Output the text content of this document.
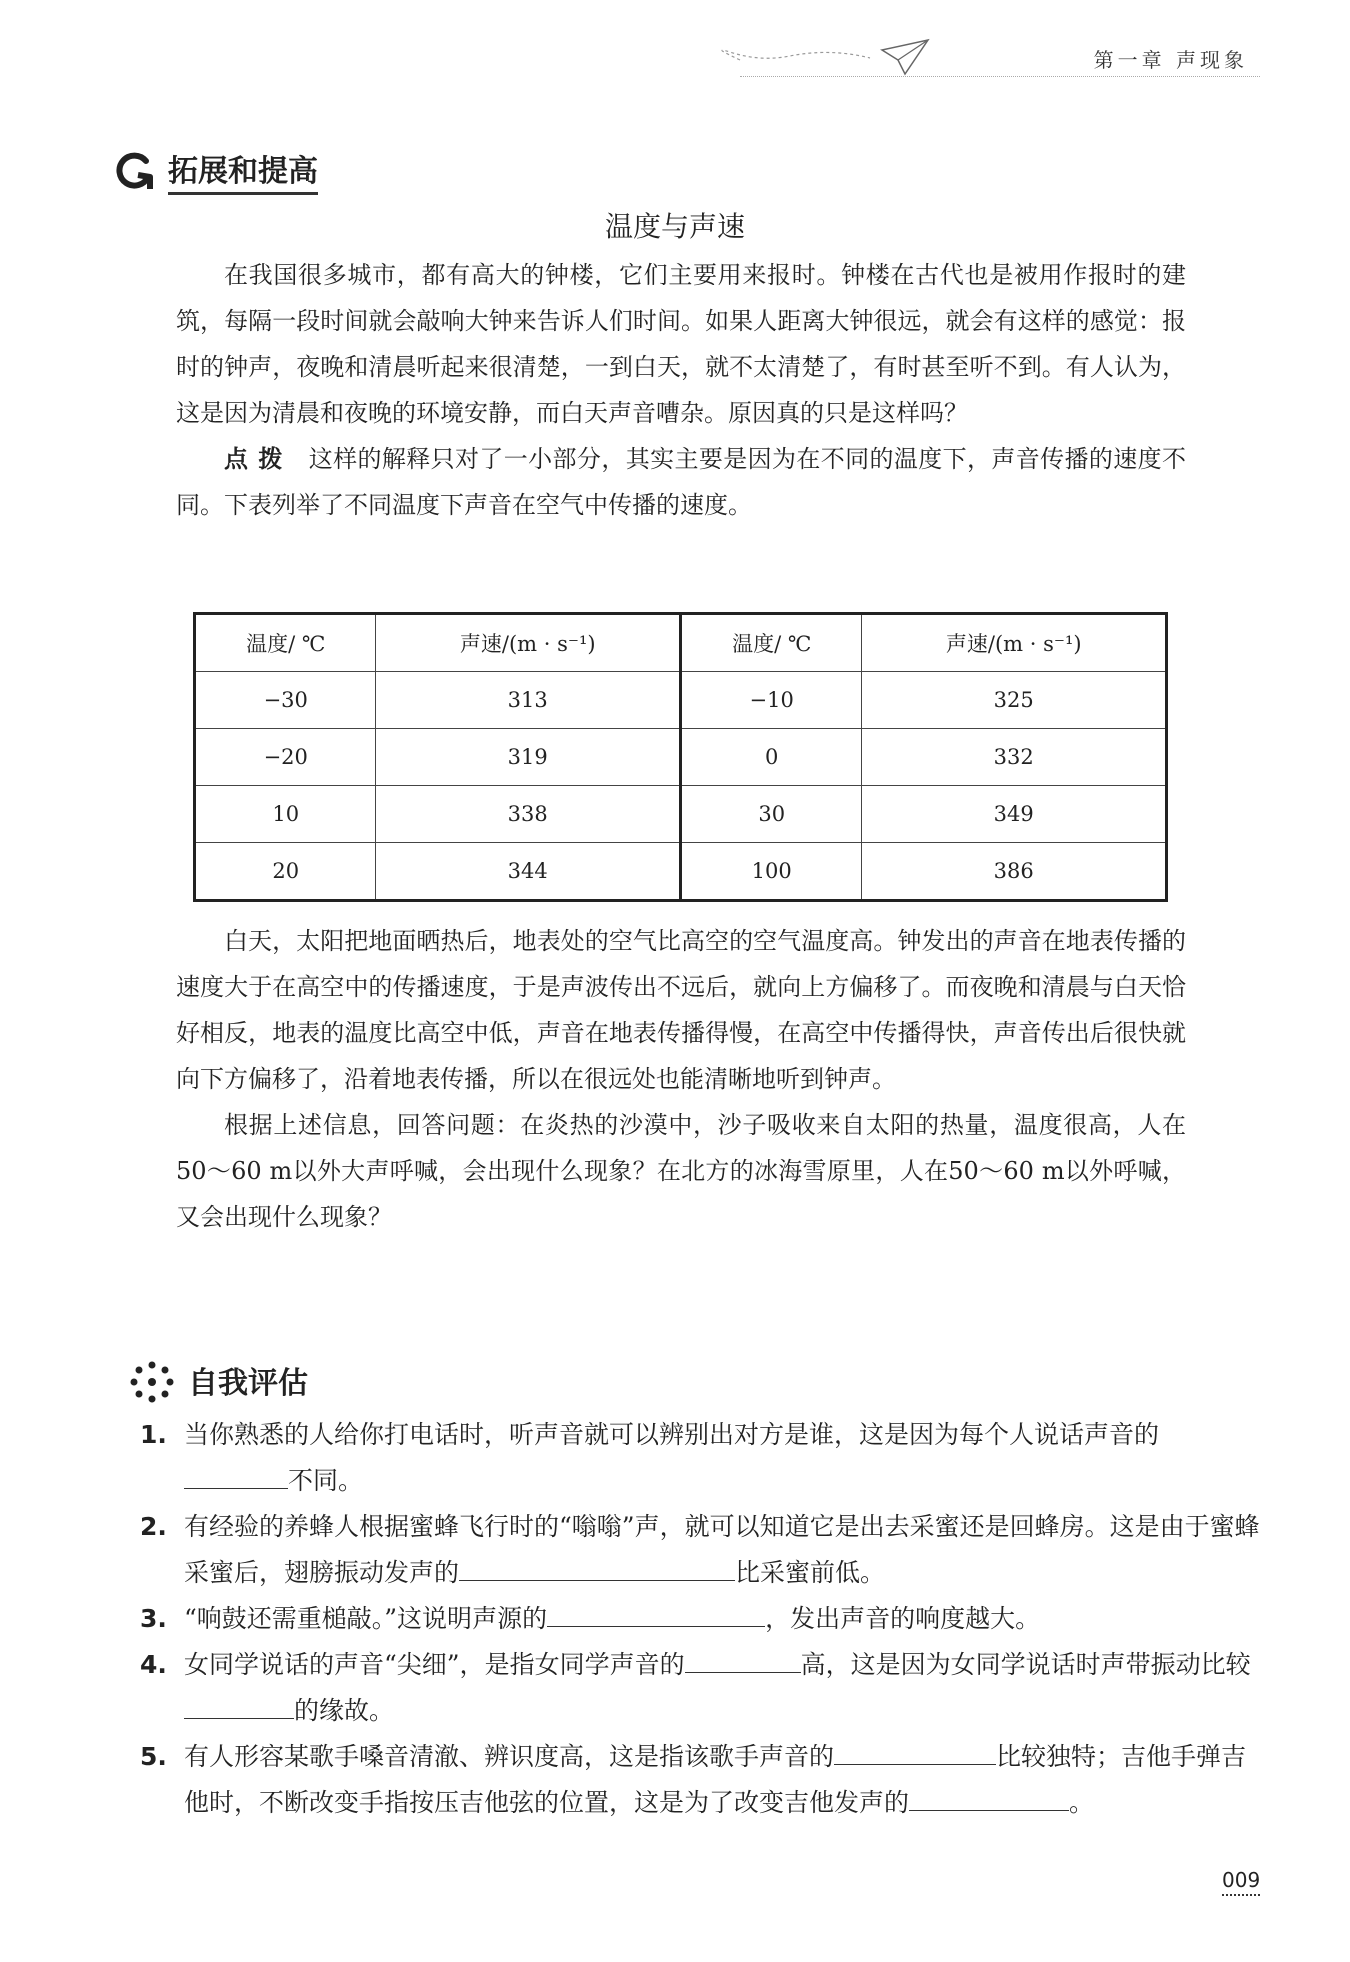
第一章 声现象
拓展和提高
温度与声速

在我国很多城市，都有高大的钟楼，它们主要用来报时。钟楼在古代也是被用作报时的建筑，每隔一段时间就会敲响大钟来告诉人们时间。如果人距离大钟很远，就会有这样的感觉：报时的钟声，夜晚和清晨听起来很清楚，一到白天，就不太清楚了，有时甚至听不到。有人认为，这是因为清晨和夜晚的环境安静，而白天声音嘈杂。原因真的只是这样吗？

点拨 这样的解释只对了一小部分，其实主要是因为在不同的温度下，声音传播的速度不同。下表列举了不同温度下声音在空气中传播的速度。

温度/ ℃	声速/(m · s⁻¹)	温度/ ℃	声速/(m · s⁻¹)
−30	313	−10	325
−20	319	0	332
10	338	30	349
20	344	100	386

白天，太阳把地面晒热后，地表处的空气比高空的空气温度高。钟发出的声音在地表传播的速度大于在高空中的传播速度，于是声波传出不远后，就向上方偏移了。而夜晚和清晨与白天恰好相反，地表的温度比高空中低，声音在地表传播得慢，在高空中传播得快，声音传出后很快就向下方偏移了，沿着地表传播，所以在很远处也能清晰地听到钟声。

根据上述信息，回答问题：在炎热的沙漠中，沙子吸收来自太阳的热量，温度很高，人在50～60 m以外大声呼喊，会出现什么现象？在北方的冰海雪原里，人在50～60 m以外呼喊，又会出现什么现象？

自我评估
1. 当你熟悉的人给你打电话时，听声音就可以辨别出对方是谁，这是因为每个人说话声音的不同。
2. 有经验的养蜂人根据蜜蜂飞行时的“嗡嗡”声，就可以知道它是出去采蜜还是回蜂房。这是由于蜜蜂采蜜后，翅膀振动发声的	比采蜜前低。
3. “响鼓还需重槌敲。”这说明声源的	，发出声音的响度越大。
4. 女同学说话的声音“尖细”，是指女同学声音的	高，这是因为女同学说话时声带振动比较的缘故。
5. 有人形容某歌手嗓音清澈、辨识度高，这是指该歌手声音的	比较独特；吉他手弹吉他时，不断改变手指按压吉他弦的位置，这是为了改变吉他发声的	。
009
